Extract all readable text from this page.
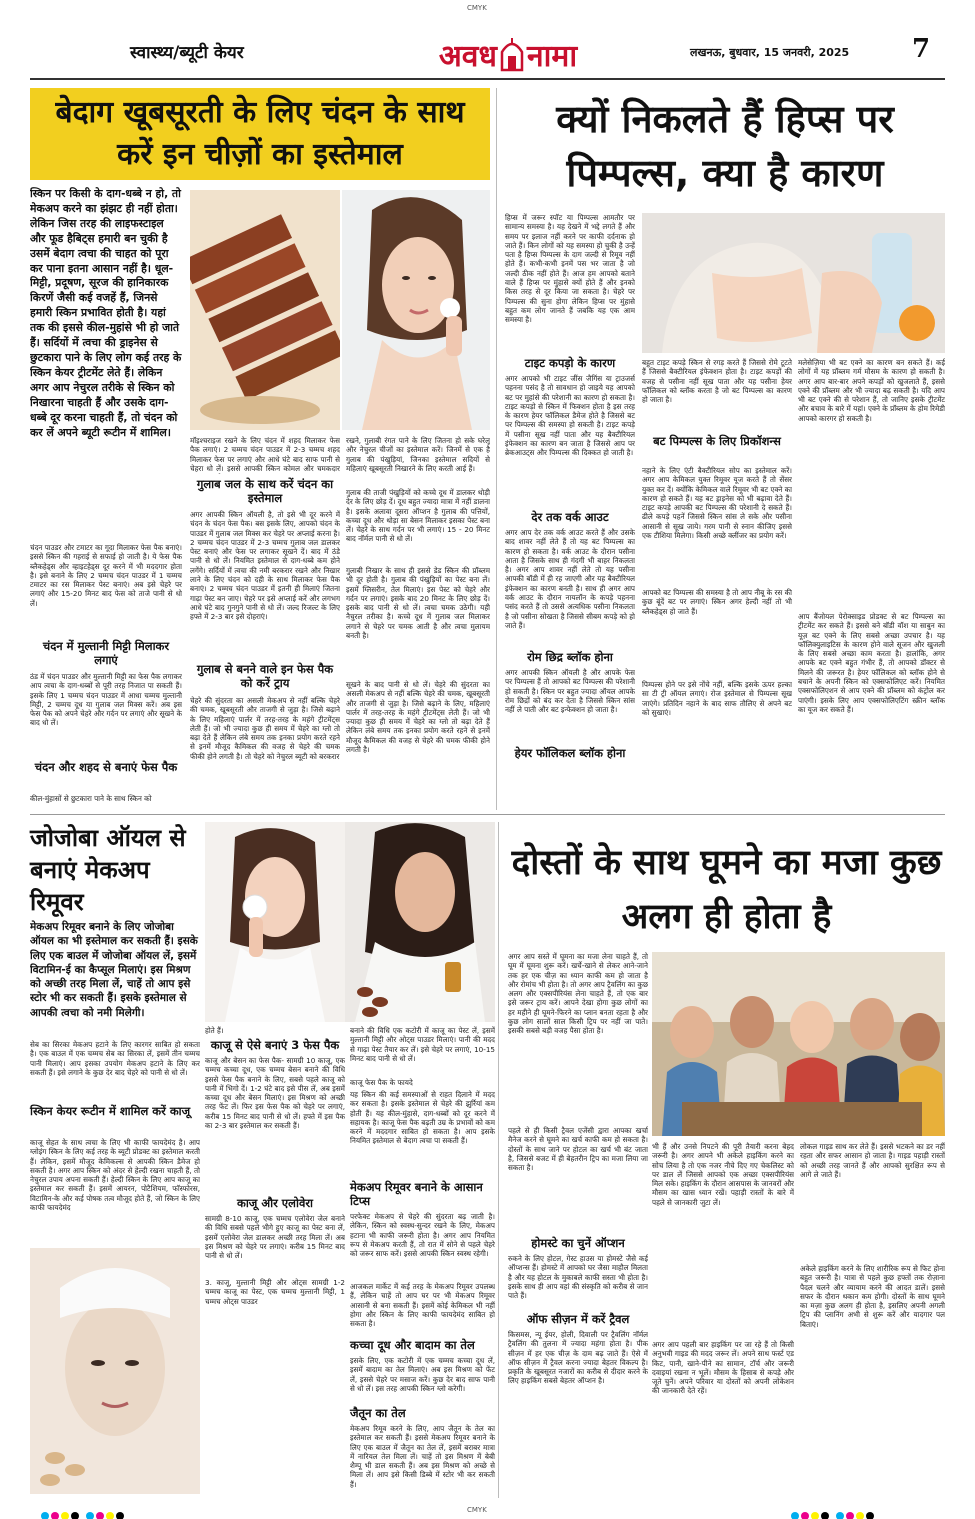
CMYK
स्वास्थ्य/ब्यूटी केयर	अवध नामा	लखनऊ, बुधवार, 15 जनवरी, 2025 7
बेदाग खूबसूरती के लिए चंदन के साथ करें इन चीज़ों का इस्तेमाल
स्किन पर किसी के दाग-धब्बे न हो, तो मेकअप करने का झंझट ही नहीं होता। लेकिन जिस तरह की लाइफस्टाइल और फूड हैबिट्स हमारी बन चुकी है उसमें बेदाग त्वचा की चाहत को पूरा कर पाना इतना आसान नहीं है। धूल-मिट्टी, प्रदूषण, सूरज की हानिकारक किरणें जैसी कई वजहें हैं, जिनसे हमारी स्किन प्रभावित होती है। यहां तक की इससे कील-मुहांसे भी हो जाते हैं। सर्दियों में त्वचा की ड्राइनेस से छुटकारा पाने के लिए लोग कई तरह के स्किन केयर ट्रीटमेंट लेते हैं। लेकिन अगर आप नेचुरल तरीके से स्किन को निखारना चाहती हैं और उसके दाग-धब्बे दूर करना चाहती हैं, तो चंदन को कर लें अपने ब्यूटी रूटीन में शामिल।
चंदन पाउडर और टमाटर का गूदा मिलाकर फेस पैक बनाएं। इससे स्किन की गहराई से सफाई हो जाती है। ये फेस पैक ब्लैकहेड्स और व्हाइटहेड्स दूर करने में भी मददगार होता है। इसे बनाने के लिए 2 चम्मच चंदन पाउडर में 1 चम्मच टमाटर का रस मिलाकर पेस्ट बनाएं। अब इसे चेहरे पर लगाएं और 15-20 मिनट बाद फेस को ताजे पानी से धो लें।
चंदन में मुल्तानी मिट्टी मिलाकर लगाएं
ठंड में चंदन पाउडर और मुल्तानी मिट्टी का फेस पैक लगाकर आप त्वचा के दाग-धब्बों से पूरी तरह निजात पा सकती हैं। इसके लिए 1 चम्मच चंदन पाउडर में आधा चम्मच मुल्तानी मिट्टी, 2 चम्मच दूध या गुलाब जल मिक्स करें। अब इस फेस पैक को अपने चेहरे और गर्दन पर लगाएं और सूखने के बाद धो लें।
चंदन और शहद से बनाएं फेस पैक
कील-मुंहासों से छुटकारा पाने के साथ स्किन को
मॉइश्चराइज रखने के लिए चंदन में शहद मिलाकर फेस पैक लगाएं। 2 चम्मच चंदन पाउडर में 2-3 चम्मच शहद मिलाकर फेस पर लगाएं और आधे घंटे बाद साफ पानी से चेहरा धो लें। इससे आपकी स्किन कोमल और चमकदार
गुलाब जल के साथ करें चंदन का इस्तेमाल
अगर आपकी स्किन ऑयली है, तो इसे भी दूर करने में चंदन के चंदन फेस पैक। बस इसके लिए, आपको चंदन के पाउडर में गुलाब जल मिक्स कर चेहरे पर अप्लाई करना है। 2 चम्मच चंदन पाउडर में 2-3 चम्मच गुलाब जल डालकर पेस्ट बनाएं और फेस पर लगाकर सूखने दें। बाद में ठंडे पानी से धो लें। नियमित इस्तेमाल से दाग-धब्बे कम होने लगेंगे। सर्दियों में त्वचा की नमी बरकरार रखने और निखार लाने के लिए चंदन को दही के साथ मिलाकर फेस पैक बनाएं। 2 चम्मच चंदन पाउडर में इतनी ही मिलाएं जितना गाढ़ा पेस्ट बन जाए। चेहरे पर इसे अप्लाई करें और लगभग आधे घंटे बाद गुनगुने पानी से धो लें। जल्द रिजल्ट के लिए हफ्ते में 2-3 बार इसे दोहराएं।
गुलाब से बनने वाले इन फेस पैक को करें ट्राय
चेहरे की सुंदरता का असली मेकअप से नहीं बल्कि चेहरे की चमक, खूबसूरती और ताजगी से जुड़ा है। जिसे बढ़ाने के लिए महिलाएं पार्लर में तरह-तरह के महंगे ट्रीटमेंट्स लेती हैं। जो भी ज्यादा कुछ ही समय में चेहरे का ग्लो तो बढ़ा देते हैं लेकिन लंबे समय तक इनका प्रयोग करते रहने से इनमें मौजूद कैमिकल की वजह से चेहरे की चमक फीकी होने लगती है। तो चेहरे को नेचुरल ब्यूटी को बरकरार
रखने, गुलाबी रंगत पाने के लिए जितना हो सके घरेलू और नेचुरल चीजों का इस्तेमाल करें। जिनमें से एक है गुलाब की पंखुड़ियां, जिनका इस्तेमाल सदियों से महिलाएं खूबसूरती निखारने के लिए करती आई हैं।
गुलाब की ताजी पंखुड़ियों को कच्चे दूध में डालकर थोड़ी देर के लिए छोड़ दें। दूध बहुत ज्यादा मात्रा में नहीं डालना है। इसके अलावा दूसरा ऑप्शन है गुलाब की पत्तियों, कच्चा दूध और थोड़ा सा बेसन मिलाकर इसका पेस्ट बना लें। चेहरे के साथ गर्दन पर भी लगाएं। 15 - 20 मिनट बाद नॉर्मल पानी से धो लें।
गुलाबी निखार के साथ ही इससे डेड स्किन की प्रॉब्लम भी दूर होती है। गुलाब की पंखुड़ियों का पेस्ट बना लें। इसमें ग्लिसरीन, तेल मिलाएं। इस पेस्ट को चेहरे और गर्दन पर लगाएं। इसके बाद 20 मिनट के लिए छोड़ दें। इसके बाद पानी से धो लें। त्वचा चमक उठेगी। यही नैचुरल तरीका है। कच्चे दूध में गुलाब जल मिलाकर लगाने से चेहरे पर चमक आती है और त्वचा मुलायम बनती है।
सूखने के बाद पानी से धो लें। चेहरे की सुंदरता का असली मेकअप से नहीं बल्कि चेहरे की चमक, खूबसूरती और ताजगी से जुड़ा है। जिसे बढ़ाने के लिए, महिलाएं पार्लर में तरह-तरह के महंगे ट्रीटमेंट्स लेती हैं। जो भी ज्यादा कुछ ही समय में चेहरे का ग्लो तो बढ़ा देते हैं लेकिन लंबे समय तक इनका प्रयोग करते रहने से इनमें मौजूद कैमिकल की वजह से चेहरे की चमक फीकी होने लगती है।
क्यों निकलते हैं हिप्स पर पिम्पल्स, क्या है कारण
हिप्स में जरूर स्पॉट या पिम्पल्स आमतौर पर सामान्य समस्या है। यह देखने में भद्दे लगते हैं और समय पर इलाज नहीं करने पर काफी दर्दनाक हो जाते हैं। किन लोगों को यह समस्या हो चुकी है उन्हें पता है हिप्स पिम्पल्स के दाग जल्दी से रिमूव नहीं होते हैं। कभी-कभी इनमें पस भर जाता है जो जल्दी ठीक नहीं होते हैं। आज हम आपको बताने वाले हैं हिप्स पर मुंहासे क्यों होते हैं और इनको किस तरह से दूर किया जा सकता है। चेहरे पर पिम्पल्स की सुना होगा लेकिन हिप्स पर मुंहासे बहुत कम लोग जानते हैं जबकि यह एक आम समस्या है।
टाइट कपड़ो के कारण
अगर आपको भी टाइट जींस जैगिंस या ट्राउजर्स पहनना पसंद है तो सावधान हो जाइये यह आपको बट पर मुहांसे की परेशानी का कारण हो सकता है। टाइट कपड़ो से स्किन में फिक्शन होता है इस तरह के कारण हेयर फॉलिकल डैमेज होते है जिससे बट पर पिम्पल्स की समस्या हो सकती है। टाइट कपड़े में पसीना सूख नहीं पाता और यह बैक्टीरियल इंफेक्शन का कारण बन जाता है जिससे आप पर ब्रेकआउट्स और पिम्पल्स की दिक्कत हो जाती है।
देर तक वर्क आउट
अगर आप देर तक वर्क आउट करते हैं और उसके बाद शावर नहीं लेते हैं तो यह बट पिम्पल्स का कारण हो सकता है। वर्क आउट के दौरान पसीना आता है जिसके साथ ही गंदगी भी बाहर निकलता है। अगर आप शावर नहीं लेते तो यह पसीना आपकी बॉडी में ही रह जाएगी और यह बैक्टीरियल इंफेक्शन का कारण बनती है। साथ ही अगर आप वर्क आउट के दौरान नायलॉन के कपड़े पहनना पसंद करते हैं तो उससे अत्यधिक पसीना निकलता है जो पसीना सोखता है जिससे सीबम कपड़े को हो जाते हैं।
रोम छिद्र ब्लॉक होना
अगर आपकी स्किन ऑयली है और आपके फेस पर पिम्पल्स हैं तो आपको बट पिम्पल्स की परेशानी हो सकती है। स्किन पर बहुत ज्यादा ऑयल आपके रोम छिद्रों को बंद कर देता है जिससे स्किन सांस नहीं ले पाती और बट इन्फेक्शन हो जाता है।
हेयर फॉलिकल ब्लॉक होना
बहुत टाइट कपड़े स्किन से रगड़ करते हैं जिससे रोमे टूटते हैं जिससे बैक्टीरियल इंफेक्शन होता है। टाइट कपड़ों की वजह से पसीना नहीं सूख पाता और यह पसीना हेयर फॉलिकल को ब्लॉक करता है जो बट पिम्पल्स का कारण हो जाता है।
बट पिम्पल्स के लिए प्रिकॉशन्स
नहाने के लिए एंटी बैक्टीरियल सोप का इस्तेमाल करें। अगर आप केमिकल युक्त रिमूवर यूज करते हैं तो सेंसर युक्त कर दें। क्योंकि केमिकल वाले रिमूवर भी बट एक्ने का कारण हो सकते हैं। यह बट ड्राइनेस को भी बढ़ावा देते हैं। टाइट कपड़े आपकी बट पिम्पल्स की परेशानी दे सकते हैं। ढीले कपड़े पहनें जिससे स्किन सांस ले सके और पसीना आसानी से सूख जाये। गरम पानी से स्नान कीजिए इससे एक टीशिया मिलेगा। किसी अच्छे क्लींजर का प्रयोग करें।
आपको बट पिम्पल्स की समस्या है तो आप नीबू के रस की कुछ बूंदें बट पर लगाएं। स्किन अगर हेल्दी नहीं तो भी ब्लैकहेड्स हो जाते हैं।
पिम्पल्स होने पर इसे नोंचे नहीं, बल्कि इसके ऊपर हल्का सा टी ट्री ऑयल लगाएं। रोज इस्तेमाल से पिम्पल्स सूख जाएंगे। प्रतिदिन नहाने के बाद साफ तौलिए से अपने बट को सुखाएं।
मलेसेज़िया भी बट एक्ने का कारण बन सकते हैं। कई लोगों में यह प्रॉब्लम गर्म मौसम के कारण हो सकती है। अगर आप बार-बार अपने कपड़ों को खुजलाते हैं, इससे एक्ने की प्रॉब्लम और भी ज्यादा बढ़ सकती है। यदि आप भी बट एक्ने की से परेशान हैं, तो जानिए इसके ट्रीटमेंट और बचाव के बारे में यहां। एक्ने के प्रॉब्लम के होम रिमेडी आपको कारगर हो सकती है।
आप बैंजोयल पेरोक्साइड प्रोडक्ट से बट पिम्पल्स का ट्रीटमेंट कर सकते हैं। इससे बने बॉडी वॉश या साबुन का यूज़ बट एक्ने के लिए सबसे अच्छा उपचार है। यह फॉलिक्युलाइटिस के कारण होने वाले सूजन और खुजली के लिए सबसे अच्छा काम करता है। हालांकि, अगर आपके बट एक्ने बहुत गंभीर हैं, तो आपको डॉक्टर से मिलने की जरूरत है। हेयर फॉलिकल को ब्लॉक होने से बचाने के अपनी स्किन को एक्सफोलिएट करें। नियमित एक्सफोलिएशन से आप एक्ने की प्रॉब्लम को कंट्रोल कर पाएंगी। इसके लिए आप एक्सफोलिएटिंग स्क्रीन ब्लॉक का यूज कर सकते हैं।
जोजोबा ऑयल से बनाएं मेकअप रिमूवर
मेकअप रिमूवर बनाने के लिए जोजोबा ऑयल का भी इस्तेमाल कर सकती हैं। इसके लिए एक बाउल में जोजोबा ऑयल लें, इसमें विटामिन-ई का कैप्सूल मिलाएं। इस मिश्रण को अच्छी तरह मिला लें, चाहें तो आप इसे स्टोर भी कर सकती हैं। इसके इस्तेमाल से आपकी त्वचा को नमी मिलेगी।
सेब का सिरका मेकअप हटाने के लिए कारगर साबित हो सकता है। एक बाउल में एक चम्मच सेब का सिरका लें, इसमें तीन चम्मच पानी मिलाएं। आप इसका उपयोग मेकअप हटाने के लिए कर सकती हैं। इसे लगाने के कुछ देर बाद चेहरे को पानी से धो लें।
स्किन केयर रूटीन में शामिल करें काजू
काजू सेहत के साथ त्वचा के लिए भी काफी फायदेमंद है। आप ग्लोइंग स्किन के लिए कई तरह के ब्यूटी प्रोडक्ट का इस्तेमाल करती हैं। लेकिन, इसमें मौजूद केमिकल्स से आपकी स्किन डैमेज हो सकती है। अगर आप स्किन को अंदर से हेल्दी रखना चाहती हैं, तो नेचुरल उपाय अपना सकती हैं। हेल्दी स्किन के लिए आप काजू का इस्तेमाल कर सकती हैं। इसमें आयरन, पोटैशियम, फॉस्फोरस, विटामिन-के और कई पोषक तत्व मौजूद होते हैं, जो स्किन के लिए काफी फायदेमंद
होते हैं।
काजू से ऐसे बनाएं 3 फेस पैक
काजू और बेसन का फेस पैक- सामग्री 10 काजू, एक चम्मच कच्चा दूध, एक चम्मच बेसन बनाने की विधि इससे फेस पैक बनाने के लिए, सबसे पहले काजू को पानी में भिगो दें। 1-2 घंटे बाद इसे पीस लें, अब इसमें कच्चा दूध और बेसन मिलाएं। इस मिश्रण को अच्छी तरह फेंट लें। फिर इस फेस पैक को चेहरे पर लगाएं, करीब 15 मिनट बाद पानी से धो लें। हफ्ते में इस पैक का 2-3 बार इस्तेमाल कर सकती हैं।
काजू और एलोवेरा
सामग्री 8-10 काजू, एक चम्मच एलोवेरा जेल बनाने की विधि सबसे पहले भीगे हुए काजू का पेस्ट बना लें, इसमें एलोवेरा जेल डालकर अच्छी तरह मिला लें। अब इस मिश्रण को चेहरे पर लगाएं। करीब 15 मिनट बाद पानी से धो लें।
3. काजू, मुल्तानी मिट्टी और ओट्स सामग्री 1-2 चम्मच काजू का पेस्ट, एक चम्मच मुल्तानी मिट्टी, 1 चम्मच ओट्स पाउडर
बनाने की विधि एक कटोरी में काजू का पेस्ट लें, इसमें मुल्तानी मिट्टी और ओट्स पाउडर मिलाएं। पानी की मदद से गाढ़ा पेस्ट तैयार कर लें। इसे चेहरे पर लगाएं, 10-15 मिनट बाद पानी से धो लें।
काजू फेस पैक के फायदे
यह स्किन की कई समस्याओं से राहत दिलाने में मदद कर सकता है। इसके इस्तेमाल से चेहरे की झुर्रियां कम होती हैं। यह कील-मुंहासे, दाग-धब्बों को दूर करने में सहायक है। काजू फेस पैक बढ़ती उम्र के प्रभावों को कम करने में मददगार साबित हो सकता है। आप इसके नियमित इस्तेमाल से बेदाग त्वचा पा सकती हैं।
मेकअप रिमूवर बनाने के आसान टिप्स
परफेक्ट मेकअप से चेहरे की सुंदरता बढ़ जाती है। लेकिन, स्किन को स्वस्थ-सुन्दर रखने के लिए, मेकअप हटाना भी काफी जरूरी होता है। अगर आप नियमित रूप से मेकअप करती हैं, तो रात में सोने से पहले चेहरे को जरूर साफ करें। इससे आपकी स्किन स्वस्थ रहेगी।
आजकल मार्केट में कई तरह के मेकअप रिमूवर उपलब्ध हैं, लेकिन चाहें तो आप घर पर भी मेकअप रिमूवर आसानी से बना सकती हैं। इसमें कोई केमिकल भी नहीं होगा और स्किन के लिए काफी फायदेमंद साबित हो सकता है।
कच्चा दूध और बादाम का तेल
इसके लिए, एक कटोरी में एक चम्मच कच्चा दूध लें, इसमें बादाम का तेल मिलाएं। अब इस मिश्रण को फेंट लें, इससे चेहरे पर मसाज करें। कुछ देर बाद साफ पानी से धो लें। इस तरह आपकी स्किन ग्लो करेगी।
जैतून का तेल
मेकअप रिमूव करने के लिए, आप जैतून के तेल का इस्तेमाल कर सकती हैं। इससे मेकअप रिमूवर बनाने के लिए एक बाउल में जैतून का तेल लें, इसमें बराबर मात्रा में नारियल तेल मिला लें। चाहें तो इस मिश्रण में बेबी शैम्पू भी डाल सकती हैं। अब इस मिश्रण को अच्छे से मिला लें। आप इसे किसी डिब्बे में स्टोर भी कर सकती हैं।
दोस्तों के साथ घूमने का मजा कुछ अलग ही होता है
अगर आप सस्ते में घूमना का मजा लेना चाहते हैं, तो घूम में घूमना शुरू करें। खर्चे-खाने से लेकर आने-जाने तक हर एक चीज़ का ध्यान काफी कम हो जाता है और रोमांच भी होता है। तो अगर आप ट्रैवलिंग का कुछ अलग और एक्सपीरियंस लेना चाहते हैं, तो एक बार इसे जरूर ट्राय करें। आपने देखा होगा कुछ लोगों का हर महीने ही घूमने-फिरने का प्लान बनता रहता है और कुछ लोग सालों साल किसी ट्रिप पर नहीं जा पाते। इसकी सबसे बड़ी वजह पैसा होता है।
पहले से ही किसी ट्रैवल एजेंसी द्वारा आपका खर्चा मैनेज करने से घूमने का खर्च काफी कम हो सकता है। दोस्तों के साथ जाने पर होटल का खर्च भी बंट जाता है, जिससे बजट में ही बेहतरीन ट्रिप का मजा लिया जा सकता है।
होमस्टे का चुनें ऑप्शन
रुकने के लिए होटल, गेस्ट हाउस या होमस्टे जैसे कई ऑप्शन्स हैं। होमस्टे में आपको घर जैसा माहौल मिलता है और यह होटल के मुकाबले काफी सस्ता भी होता है। इसके साथ ही आप वहां की संस्कृति को करीब से जान पाते हैं।
ऑफ सीज़न में करें ट्रैवल
किसमस, न्यू ईयर, होली, दिवाली पर ट्रैवलिंग नॉर्मल ट्रैवलिंग की तुलना में ज्यादा महंगा होता है। पीक सीज़न में हर एक चीज़ के दाम बढ़ जाते हैं। ऐसे में ऑफ सीज़न में ट्रैवल करना ज्यादा बेहतर विकल्प है। प्रकृति के खूबसूरत नजारों का करीब से दीदार करने के लिए हाइकिंग सबसे बेहतर ऑप्शन है।
भी हैं और उनसे निपटने की पूरी तैयारी करना बेहद जरूरी है। अगर आपने भी अकेले हाइकिंग करने का सोच लिया है तो एक नजर नीचे दिए गए चेकलिस्ट को पर डाल लें जिससे आपको एक अच्छा एक्सपीरियंस मिल सके। हाइकिंग के दौरान आसपास के जानवरों और मौसम का खास ध्यान रखें। पहाड़ी रास्तों के बारे में पहले से जानकारी जुटा लें।
अगर आप पहली बार हाइकिंग पर जा रहे हैं तो किसी अनुभवी गाइड की मदद जरूर लें। अपने साथ फर्स्ट एड किट, पानी, खाने-पीने का सामान, टॉर्च और जरूरी दवाइयां रखना न भूलें। मौसम के हिसाब से कपड़े और जूते चुनें। अपने परिवार या दोस्तों को अपनी लोकेशन की जानकारी देते रहें।
लोकल गाइड साथ कर लेते हैं। इससे भटकने का डर नहीं रहता और सफर आसान हो जाता है। गाइड पहाड़ी रास्तों को अच्छी तरह जानते हैं और आपको सुरक्षित रूप से आगे ले जाते हैं।
अकेले हाइकिंग करने के लिए शारीरिक रूप से फिट होना बहुत जरूरी है। यात्रा से पहले कुछ हफ्तों तक रोज़ाना पैदल चलने और व्यायाम करने की आदत डालें। इससे सफर के दौरान थकान कम होगी। दोस्तों के साथ घूमने का मज़ा कुछ अलग ही होता है, इसलिए अपनी अगली ट्रिप की प्लानिंग अभी से शुरू करें और यादगार पल बिताएं।

CMYK
